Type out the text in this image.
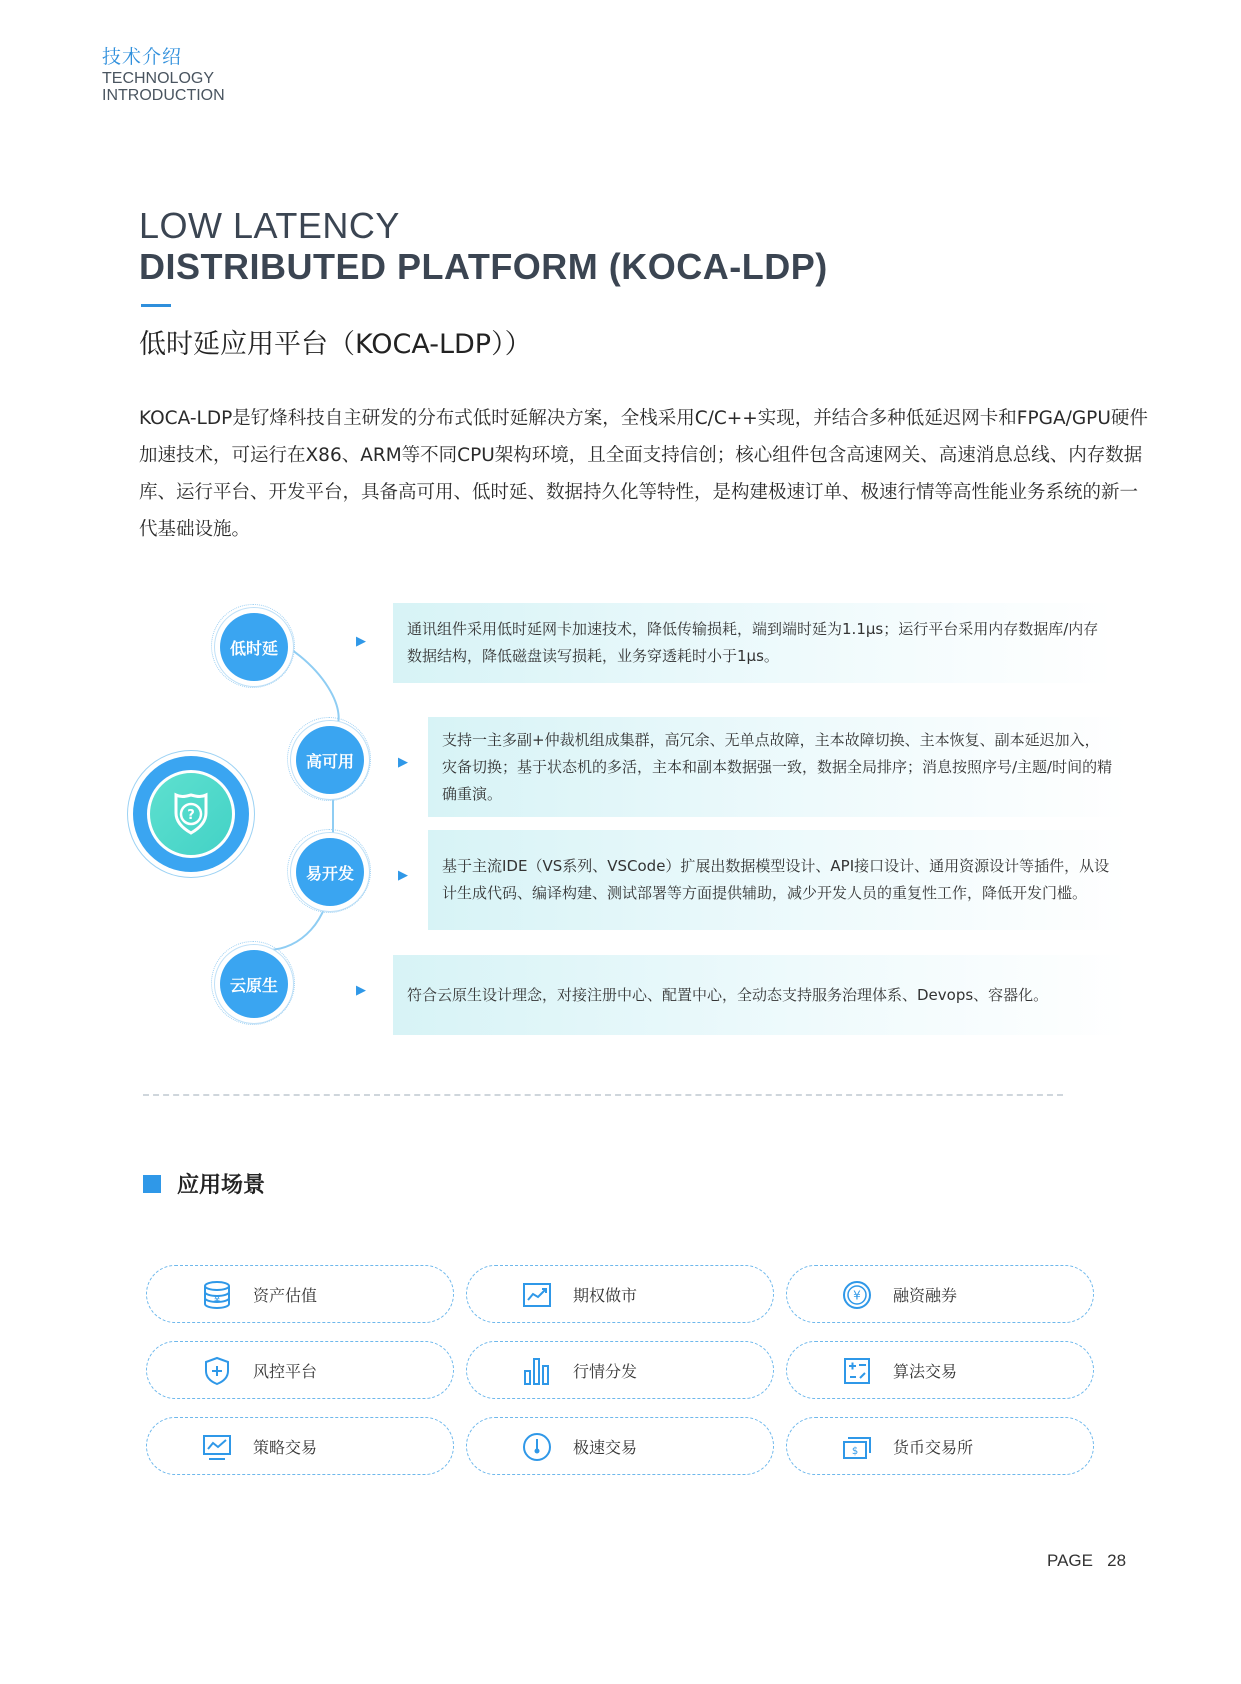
技术介绍
TECHNOLOGY
INTRODUCTION
LOW LATENCY
DISTRIBUTED PLATFORM (KOCA-LDP)
低时延应用平台（KOCA-LDP））
KOCA-LDP是钌烽科技自主研发的分布式低时延解决方案，全栈采用C/C++实现，并结合多种低延迟网卡和FPGA/GPU硬件加速技术，可运行在X86、ARM等不同CPU架构环境，且全面支持信创；核心组件包含高速网关、高速消息总线、内存数据库、运行平台、开发平台，具备高可用、低时延、数据持久化等特性，是构建极速订单、极速行情等高性能业务系统的新一代基础设施。
?
低时延
高可用
易开发
云原生
▶
▶
▶
▶
通讯组件采用低时延网卡加速技术，降低传输损耗，端到端时延为1.1μs；运行平台采用内存数据库/内存数据结构，降低磁盘读写损耗，业务穿透耗时小于1μs。
支持一主多副+仲裁机组成集群，高冗余、无单点故障，主本故障切换、主本恢复、副本延迟加入，灾备切换；基于状态机的多活，主本和副本数据强一致，数据全局排序；消息按照序号/主题/时间的精确重演。
基于主流IDE（VS系列、VSCode）扩展出数据模型设计、API接口设计、通用资源设计等插件，从设计生成代码、编译构建、测试部署等方面提供辅助，减少开发人员的重复性工作，降低开发门槛。
符合云原生设计理念，对接注册中心、配置中心，全动态支持服务治理体系、Devops、容器化。
应用场景
¥ 资产估值	期权做市	¥ 融资融券
风控平台	行情分发	算法交易
策略交易	极速交易	$ 货币交易所
PAGE 28
